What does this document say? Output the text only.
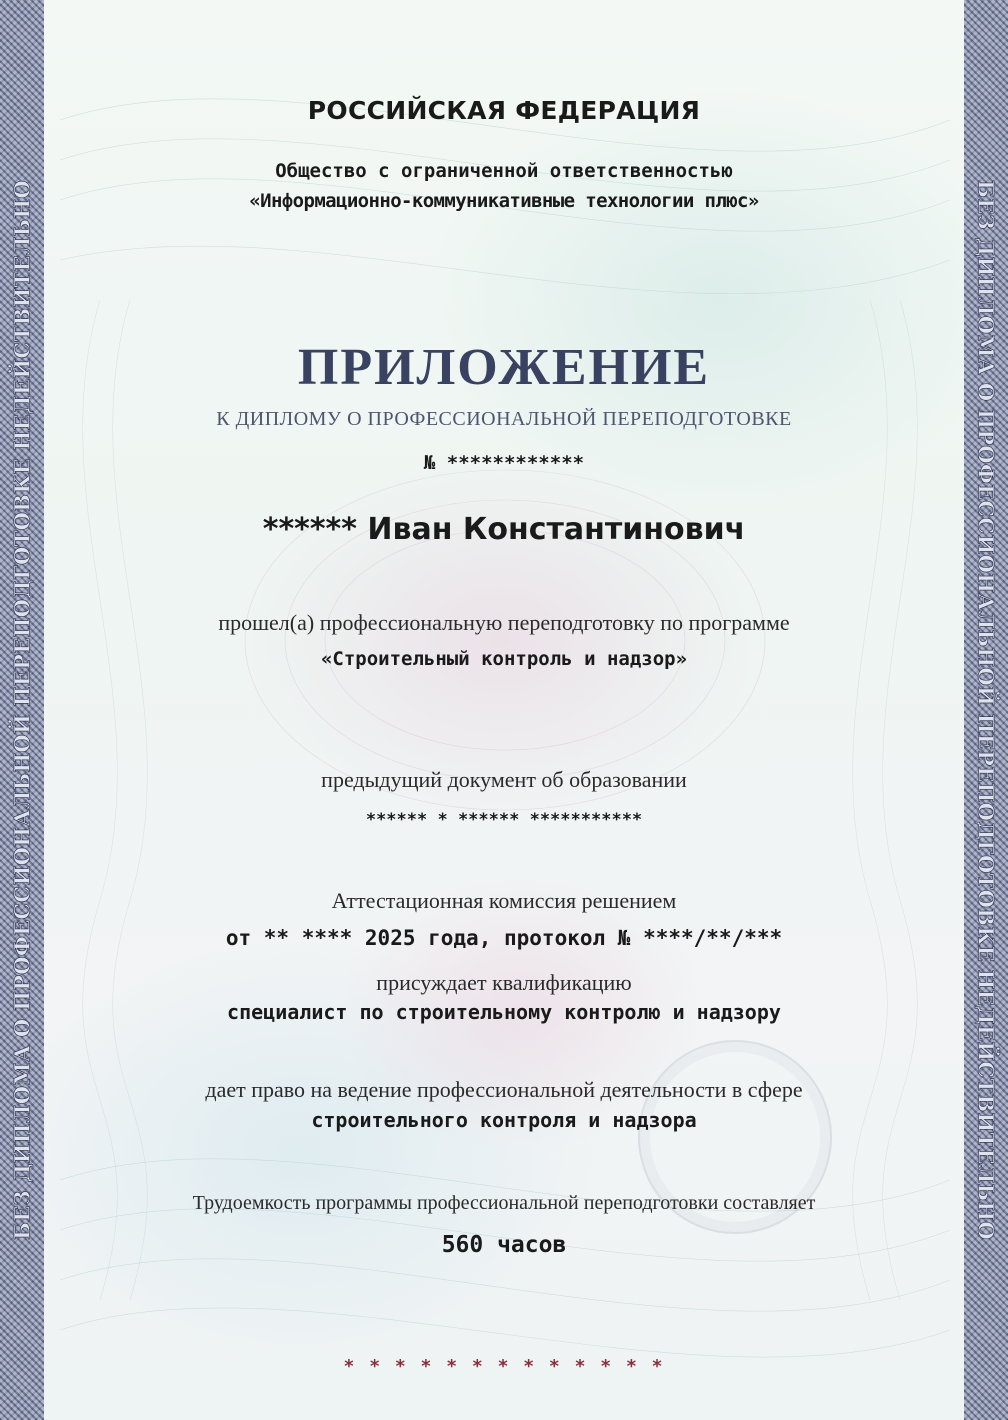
БЕЗ ДИПЛОМА О ПРОФЕССИОНАЛЬНОЙ ПЕРЕПОДГОТОВКЕ НЕДЕЙСТВИТЕЛЬНО	БЕЗ ДИПЛОМА О ПРОФЕССИОНАЛЬНОЙ ПЕРЕПОДГОТОВКЕ НЕДЕЙСТВИТЕЛЬНО
РОССИЙСКАЯ ФЕДЕРАЦИЯ
Общество с ограниченной ответственностью
«Информационно-коммуникативные технологии плюс»
ПРИЛОЖЕНИЕ
К ДИПЛОМУ О ПРОФЕССИОНАЛЬНОЙ ПЕРЕПОДГОТОВКЕ
№ ************
****** Иван Константинович
прошел(а) профессиональную переподготовку по программе
«Строительный контроль и надзор»
предыдущий документ об образовании
****** * ****** ***********
Аттестационная комиссия решением
от ** **** 2025 года, протокол № ****/**/***
присуждает квалификацию
специалист по строительному контролю и надзору
дает право на ведение профессиональной деятельности в сфере
строительного контроля и надзора
Трудоемкость программы профессиональной переподготовки составляет
560 часов
* * * * * * * * * * * * *
